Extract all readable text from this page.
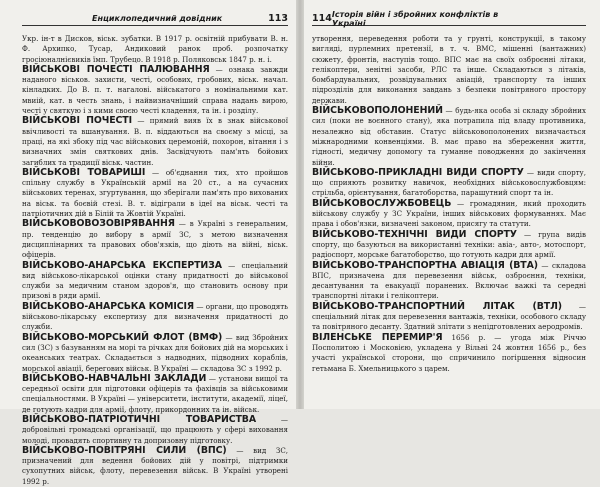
Енциклопедичний довідник	113

Укр. ін-т в Дисков, віськ. зубатки. В 1917 р. освітній прибувати В. н. Ф. Архипко, Тусар, Андиковий ранок проб. розпочатку гросіюналнієвиків їмп. Трубецо. В 1918 р. Поляковськ 1847 р. н. і.

ВІЙСЬКОВІ ПОЧЕСТІ ПАЛЮВАННЯ — ознака завжди наданого віськов. захисти, честі, особових, гробових, віськ. начал. кінладких. До В. п. т. нагалові. військатого з номінальними кат. мвиій, кат. в честь знань, і найвизначніший справа надань вирою, честі у святкую і з кими своєю честі кладення, та ін. і розділу.

ВІЙСЬКОВІ ПОЧЕСТІ — прямий вияв їх в знак військової ввічливості та вшанування. В. п. віддаються на своєму з місці, за праці, на які збоку під час військових церемоній, похорон, вітання і з визначних змін святкових днів. Засвідчують пам'ять бойових загиблих та традиції віськ. частин.

ВІЙСЬКОВІ ТОВАРИШІ — об'єднання тих, хто пройшов спільну службу в Українській армії на 20 ст., а на сучасних військових теренах, згуртування, що зберігали пам'ять про вихованих на віськ. та боєвій стезі. В. т. відіграли в ідеї на віськ. честі та патріотичних дій в Білій та Жовтій Україні.

ВІЙСЬКОВОВОЗОВІРЯВАННЯ — в Україні з генеральним, пр. тенденцію до вибору в армії ЗС, з метою визначення дисциплінарних та правових обов'язків, що діють на війні, віськ. офіцерів.

ВІЙСЬКОВО-АНАРСЬКА ЕКСПЕРТИЗА — спеціальний вид військово-лікарської оцінки стану придатності до військової служби за медичним станом здоров'я, що становить основу при призові в ряди армії.

ВІЙСЬКОВО-АНАРСЬКА КОМІСІЯ — органи, що проводять військово-лікарську експертизу для визначення придатності до служби.

ВІЙСЬКОВО-МОРСЬКИЙ ФЛОТ (ВМФ) — вид Збройних сил (ЗС) з базуванням на морі та річках для бойових дій на морських і океанських театрах. Складається з надводних, підводних кораблів, морської авіації, берегових військ. В Україні — складова ЗС з 1992 р.

ВІЙСЬКОВО-НАВЧАЛЬНІ ЗАКЛАДИ — установи вищої та середньої освіти для підготовки офіцерів та фахівців за військовими спеціальностями. В Україні — університети, інститути, академії, ліцеї, де готують кадри для армії, флоту, прикордонних та ін. військ.

ВІЙСЬКОВО-ПАТРІОТИЧНІ ТОВАРИСТВА	— добровільні громадські організації, що працюють у сфері виховання молоді, провадять спортивну та допризовну підготовку.

ВІЙСЬКОВО-ПОВІТРЯНІ СИЛИ (ВПС) — вид ЗС, призначений для ведення бойових дій у повітрі, підтримки сухопутних військ, флоту, перевезення військ. В Україні утворені 1992 р.

114 Історія війн і збройних конфліктів в Україні

утворення, переведення роботи та у грунті, конструкції, в такому вигляді, пурлемних претензії, в т. ч. ВМС, мішенні (вантажних) сюжету, фронтів, наступів тощо. ВПС має на своїх озброєнні літаки, гелікоптери, зенітні засоби, РЛС та інше. Складаються з літаків, бомбардувальних, розвідувальних авіацій, транспорту та інших підрозділів для виконання завдань з безпеки повітряного простору держави.

ВІЙСЬКОВОПОЛОНЕНИЙ — будь-яка особа зі складу збройних сил (поки не воєнного стану), яка потрапила під владу противника, незалежно від обставин. Статус військовополонених визначається міжнародними конвенціями. В. має право на збереження життя, гідності, медичну допомогу та гуманне поводження до закінчення війни.

ВІЙСЬКОВО-ПРИКЛАДНІ ВИДИ СПОРТУ — види спорту, що сприяють розвитку навичок, необхідних військовослужбовцям: стрільба, орієнтування, багатоборства, парашутний спорт та ін.

ВІЙСЬКОВОСЛУЖБОВЕЦЬ — громадянин, який проходить військову службу у ЗС України, інших військових формуваннях. Має права і обов'язки, визначені законом, присягу та статути.

ВІЙСЬКОВО-ТЕХНІЧНІ ВИДИ СПОРТУ — група видів спорту, що базуються на використанні техніки: авіа-, авто-, мотоспорт, радіоспорт, морське багатоборство, що готують кадри для армії.

ВІЙСЬКОВО-ТРАНСПОРТНА АВІАЦІЯ (ВТА) — складова ВПС, призначена для перевезення військ, озброєння, техніки, десантування та евакуації поранених. Включає важкі та середні транспортні літаки і гелікоптери.

ВІЙСЬКОВО-ТРАНСПОРТНИЙ ЛІТАК (ВТЛ) — спеціальний літак для перевезення вантажів, техніки, особового складу та повітряного десанту. Здатний злітати з непідготовлених аеродромів.

ВІЛЕНСЬКЕ ПЕРЕМИР'Я 1656 р. — угода між Річчю Посполитою і Московією, укладена у Вільні 24 жовтня 1656 р., без участі української сторони, що спричинило погіршення відносин гетьмана Б. Хмельницького з царем.
